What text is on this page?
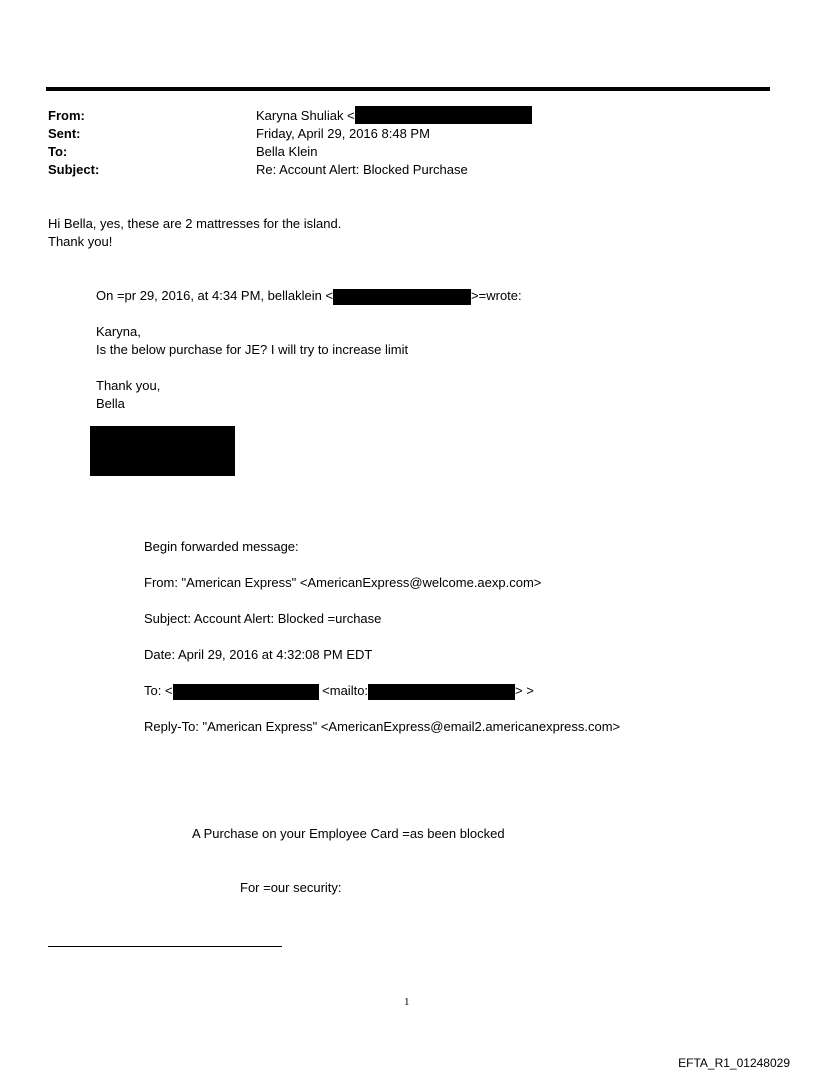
From:	Karyna Shuliak <
Sent:	Friday, April 29, 2016 8:48 PM
To:	Bella Klein
Subject:	Re: Account Alert: Blocked Purchase
Hi Bella, yes, these are 2 mattresses for the island.
Thank you!
On =pr 29, 2016, at 4:34 PM, bellaklein <	>=wrote:
Karyna,
Is the below purchase for JE? I will try to increase limit
Thank you,
Bella
Begin forwarded message:
From: "American Express" <AmericanExpress@welcome.aexp.com>
Subject: Account Alert: Blocked =urchase
Date: April 29, 2016 at 4:32:08 PM EDT
To: <	<mailto:	> >
Reply-To: "American Express" <AmericanExpress@email2.americanexpress.com>
A Purchase on your Employee Card =as been blocked
For =our security:
1
EFTA_R1_01248029
